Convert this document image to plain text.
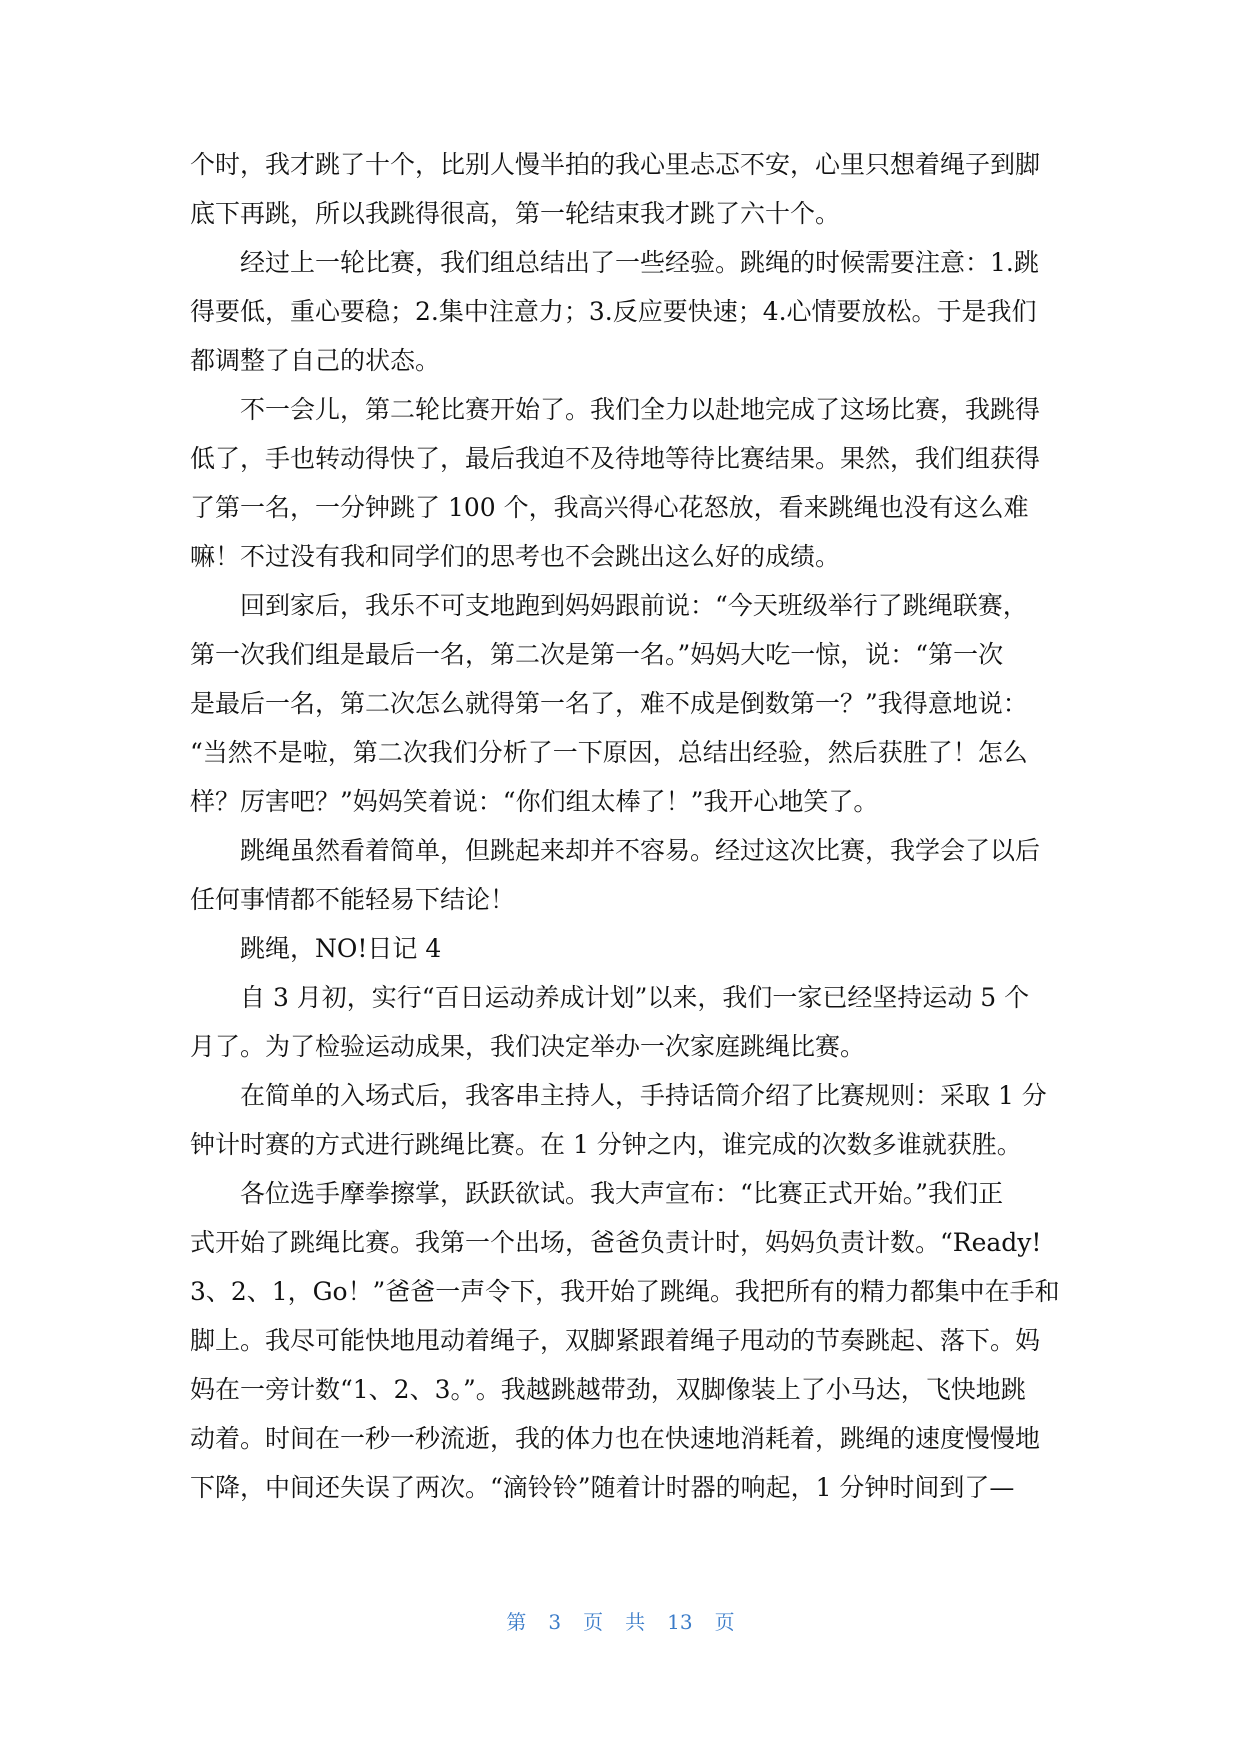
个时，我才跳了十个，比别人慢半拍的我心里忐忑不安，心里只想着绳子到脚
底下再跳，所以我跳得很高，第一轮结束我才跳了六十个。
经过上一轮比赛，我们组总结出了一些经验。跳绳的时候需要注意：1.跳
得要低，重心要稳；2.集中注意力；3.反应要快速；4.心情要放松。于是我们
都调整了自己的状态。
不一会儿，第二轮比赛开始了。我们全力以赴地完成了这场比赛，我跳得
低了，手也转动得快了，最后我迫不及待地等待比赛结果。果然，我们组获得
了第一名，一分钟跳了 100 个，我高兴得心花怒放，看来跳绳也没有这么难
嘛！不过没有我和同学们的思考也不会跳出这么好的成绩。
回到家后，我乐不可支地跑到妈妈跟前说：“今天班级举行了跳绳联赛，
第一次我们组是最后一名，第二次是第一名。”妈妈大吃一惊，说：“第一次
是最后一名，第二次怎么就得第一名了，难不成是倒数第一？”我得意地说：
“当然不是啦，第二次我们分析了一下原因，总结出经验，然后获胜了！怎么
样？厉害吧？”妈妈笑着说：“你们组太棒了！”我开心地笑了。
跳绳虽然看着简单，但跳起来却并不容易。经过这次比赛，我学会了以后
任何事情都不能轻易下结论！
跳绳，NO!日记 4
自 3 月初，实行“百日运动养成计划”以来，我们一家已经坚持运动 5 个
月了。为了检验运动成果，我们决定举办一次家庭跳绳比赛。
在简单的入场式后，我客串主持人，手持话筒介绍了比赛规则：采取 1 分
钟计时赛的方式进行跳绳比赛。在 1 分钟之内，谁完成的次数多谁就获胜。
各位选手摩拳擦掌，跃跃欲试。我大声宣布：“比赛正式开始。”我们正
式开始了跳绳比赛。我第一个出场，爸爸负责计时，妈妈负责计数。“Ready!
3、2、1，Go！”爸爸一声令下，我开始了跳绳。我把所有的精力都集中在手和
脚上。我尽可能快地甩动着绳子，双脚紧跟着绳子甩动的节奏跳起、落下。妈
妈在一旁计数“1、2、3。”。我越跳越带劲，双脚像装上了小马达，飞快地跳
动着。时间在一秒一秒流逝，我的体力也在快速地消耗着，跳绳的速度慢慢地
下降，中间还失误了两次。“滴铃铃”随着计时器的响起，1 分钟时间到了—
第 3 页 共 13 页
